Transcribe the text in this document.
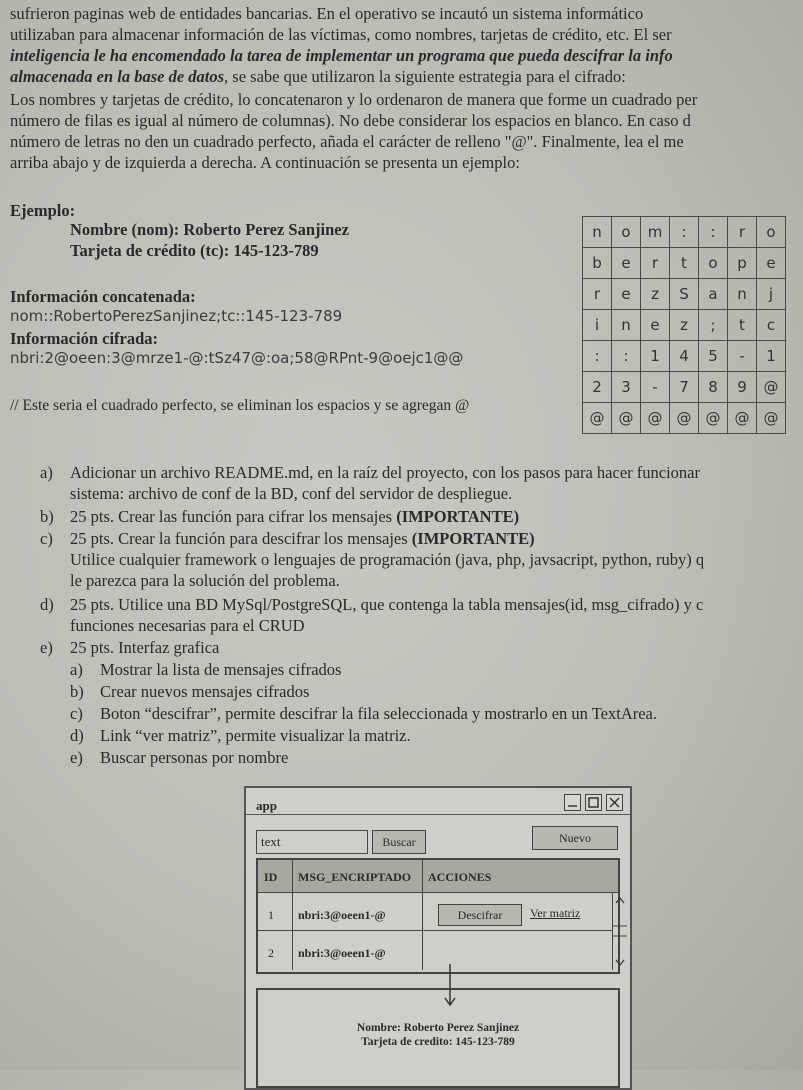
sufrieron paginas web de entidades bancarias. En el operativo se incautó un sistema informático
utilizaban para almacenar información de las víctimas, como nombres, tarjetas de crédito, etc. El ser
inteligencia le ha encomendado la tarea de implementar un programa que pueda descifrar la info
almacenada en la base de datos, se sabe que utilizaron la siguiente estrategia para el cifrado:
Los nombres y tarjetas de crédito, lo concatenaron y lo ordenaron de manera que forme un cuadrado per
número de filas es igual al número de columnas). No debe considerar los espacios en blanco. En caso d
número de letras no den un cuadrado perfecto, añada el carácter de relleno "@". Finalmente, lea el me
arriba abajo y de izquierda a derecha. A continuación se presenta un ejemplo:
Ejemplo:
Nombre (nom): Roberto Perez Sanjinez
Tarjeta de crédito (tc): 145-123-789
Información concatenada:
nom::RobertoPerezSanjinez;tc::145-123-789
Información cifrada:
nbri:2@oeen:3@mrze1-@:tSz47@:oa;58@RPnt-9@oejc1@@
// Este seria el cuadrado perfecto, se eliminan los espacios y se agregan @
n	o	m	:	:	r	o
b	e	r	t	o	p	e
r	e	z	S	a	n	j
i	n	e	z	;	t	c
:	:	1	4	5	-	1
2	3	-	7	8	9	@
@	@	@	@	@	@	@
a) Adicionar un archivo README.md, en la raíz del proyecto, con los pasos para hacer funcionar
sistema: archivo de conf de la BD, conf del servidor de despliegue.
b) 25 pts. Crear las función para cifrar los mensajes (IMPORTANTE)
c) 25 pts. Crear la función para descifrar los mensajes (IMPORTANTE)
Utilice cualquier framework o lenguajes de programación (java, php, javsacript, python, ruby) q
le parezca para la solución del problema.
d) 25 pts. Utilice una BD MySql/PostgreSQL, que contenga la tabla mensajes(id, msg_cifrado) y c
funciones necesarias para el CRUD
e) 25 pts. Interfaz grafica
a) Mostrar la lista de mensajes cifrados
b) Crear nuevos mensajes cifrados
c) Boton “descifrar”, permite descifrar la fila seleccionada y mostrarlo en un TextArea.
d) Link “ver matriz”, permite visualizar la matriz.
e) Buscar personas por nombre
app
text	Buscar	Nuevo
ID MSG_ENCRIPTADO ACCIONES
1 nbri:3@oeen1-@	Descifrar	Ver matriz
2 nbri:3@oeen1-@
Nombre: Roberto Perez Sanjinez
Tarjeta de credito: 145-123-789
